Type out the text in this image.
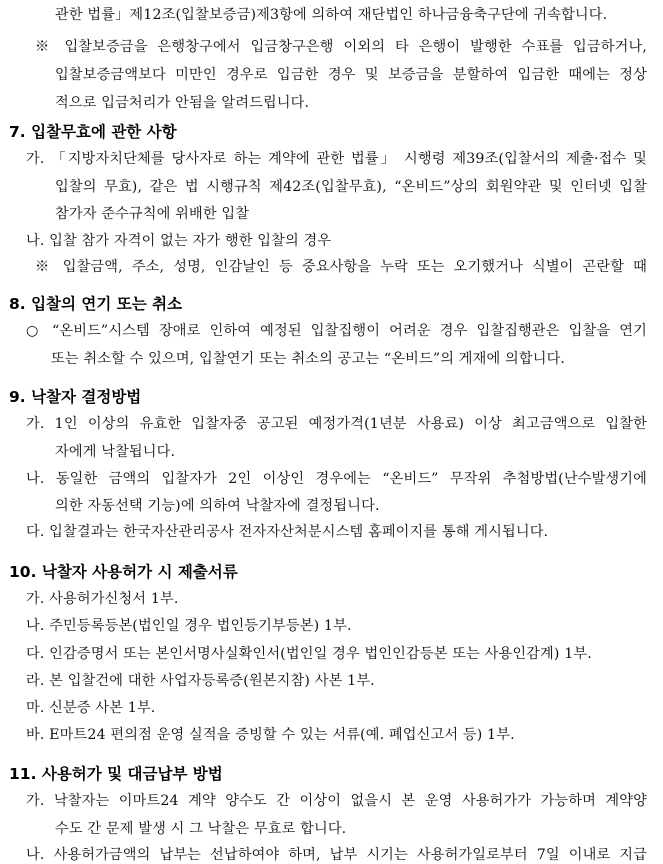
관한 법률」제12조(입찰보증금)제3항에 의하여 재단법인 하나금융축구단에 귀속합니다.
※ 입찰보증금을 은행창구에서 입금창구은행 이외의 타 은행이 발행한 수표를 입금하거나,
입찰보증금액보다 미만인 경우로 입금한 경우 및 보증금을 분할하여 입금한 때에는 정상
적으로 입금처리가 안됨을 알려드립니다.
7. 입찰무효에 관한 사항
가. 「지방자치단체를 당사자로 하는 계약에 관한 법률」 시행령 제39조(입찰서의 제출·접수 및
입찰의 무효), 같은 법 시행규칙 제42조(입찰무효), “온비드”상의 회원약관 및 인터넷 입찰
참가자 준수규칙에 위배한 입찰
나. 입찰 참가 자격이 없는 자가 행한 입찰의 경우
※ 입찰금액, 주소, 성명, 인감날인 등 중요사항을 누락 또는 오기했거나 식별이 곤란할 때
8. 입찰의 연기 또는 취소
○ “온비드”시스템 장애로 인하여 예정된 입찰집행이 어려운 경우 입찰집행관은 입찰을 연기
또는 취소할 수 있으며, 입찰연기 또는 취소의 공고는 “온비드”의 게재에 의합니다.
9. 낙찰자 결정방법
가. 1인 이상의 유효한 입찰자중 공고된 예정가격(1년분 사용료) 이상 최고금액으로 입찰한
자에게 낙찰됩니다.
나. 동일한 금액의 입찰자가 2인 이상인 경우에는 “온비드” 무작위 추첨방법(난수발생기에
의한 자동선택 기능)에 의하여 낙찰자에 결정됩니다.
다. 입찰결과는 한국자산관리공사 전자자산처분시스템 홈페이지를 통해 게시됩니다.
10. 낙찰자 사용허가 시 제출서류
가. 사용허가신청서 1부.
나. 주민등록등본(법인일 경우 법인등기부등본) 1부.
다. 인감증명서 또는 본인서명사실확인서(법인일 경우 법인인감등본 또는 사용인감계) 1부.
라. 본 입찰건에 대한 사업자등록증(원본지참) 사본 1부.
마. 신분증 사본 1부.
바. E마트24 편의점 운영 실적을 증빙할 수 있는 서류(예. 폐업신고서 등) 1부.
11. 사용허가 및 대금납부 방법
가. 낙찰자는 이마트24 계약 양수도 간 이상이 없을시 본 운영 사용허가가 가능하며 계약양
수도 간 문제 발생 시 그 낙찰은 무효로 합니다.
나. 사용허가금액의 납부는 선납하여야 하며, 납부 시기는 사용허가일로부터 7일 이내로 지급
